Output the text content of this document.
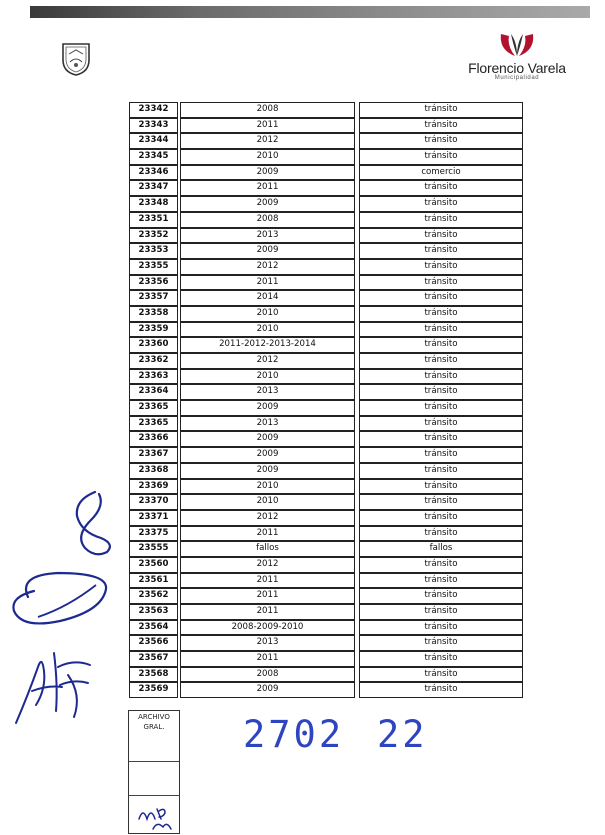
Florencio Varela
Municipalidad
23342	2008	tránsito
23343	2011	tránsito
23344	2012	tránsito
23345	2010	tránsito
23346	2009	comercio
23347	2011	tránsito
23348	2009	tránsito
23351	2008	tránsito
23352	2013	tránsito
23353	2009	tránsito
23355	2012	tránsito
23356	2011	tránsito
23357	2014	tránsito
23358	2010	tránsito
23359	2010	tránsito
23360	2011-2012-2013-2014	tránsito
23362	2012	tránsito
23363	2010	tránsito
23364	2013	tránsito
23365	2009	tránsito
23365	2013	tránsito
23366	2009	tránsito
23367	2009	tránsito
23368	2009	tránsito
23369	2010	tránsito
23370	2010	tránsito
23371	2012	tránsito
23375	2011	tránsito
23555	fallos	fallos
23560	2012	tránsito
23561	2011	tránsito
23562	2011	tránsito
23563	2011	tránsito
23564	2008-2009-2010	tránsito
23566	2013	tránsito
23567	2011	tránsito
23568	2008	tránsito
23569	2009	tránsito
ARCHIVO
GRAL.	2702 22
